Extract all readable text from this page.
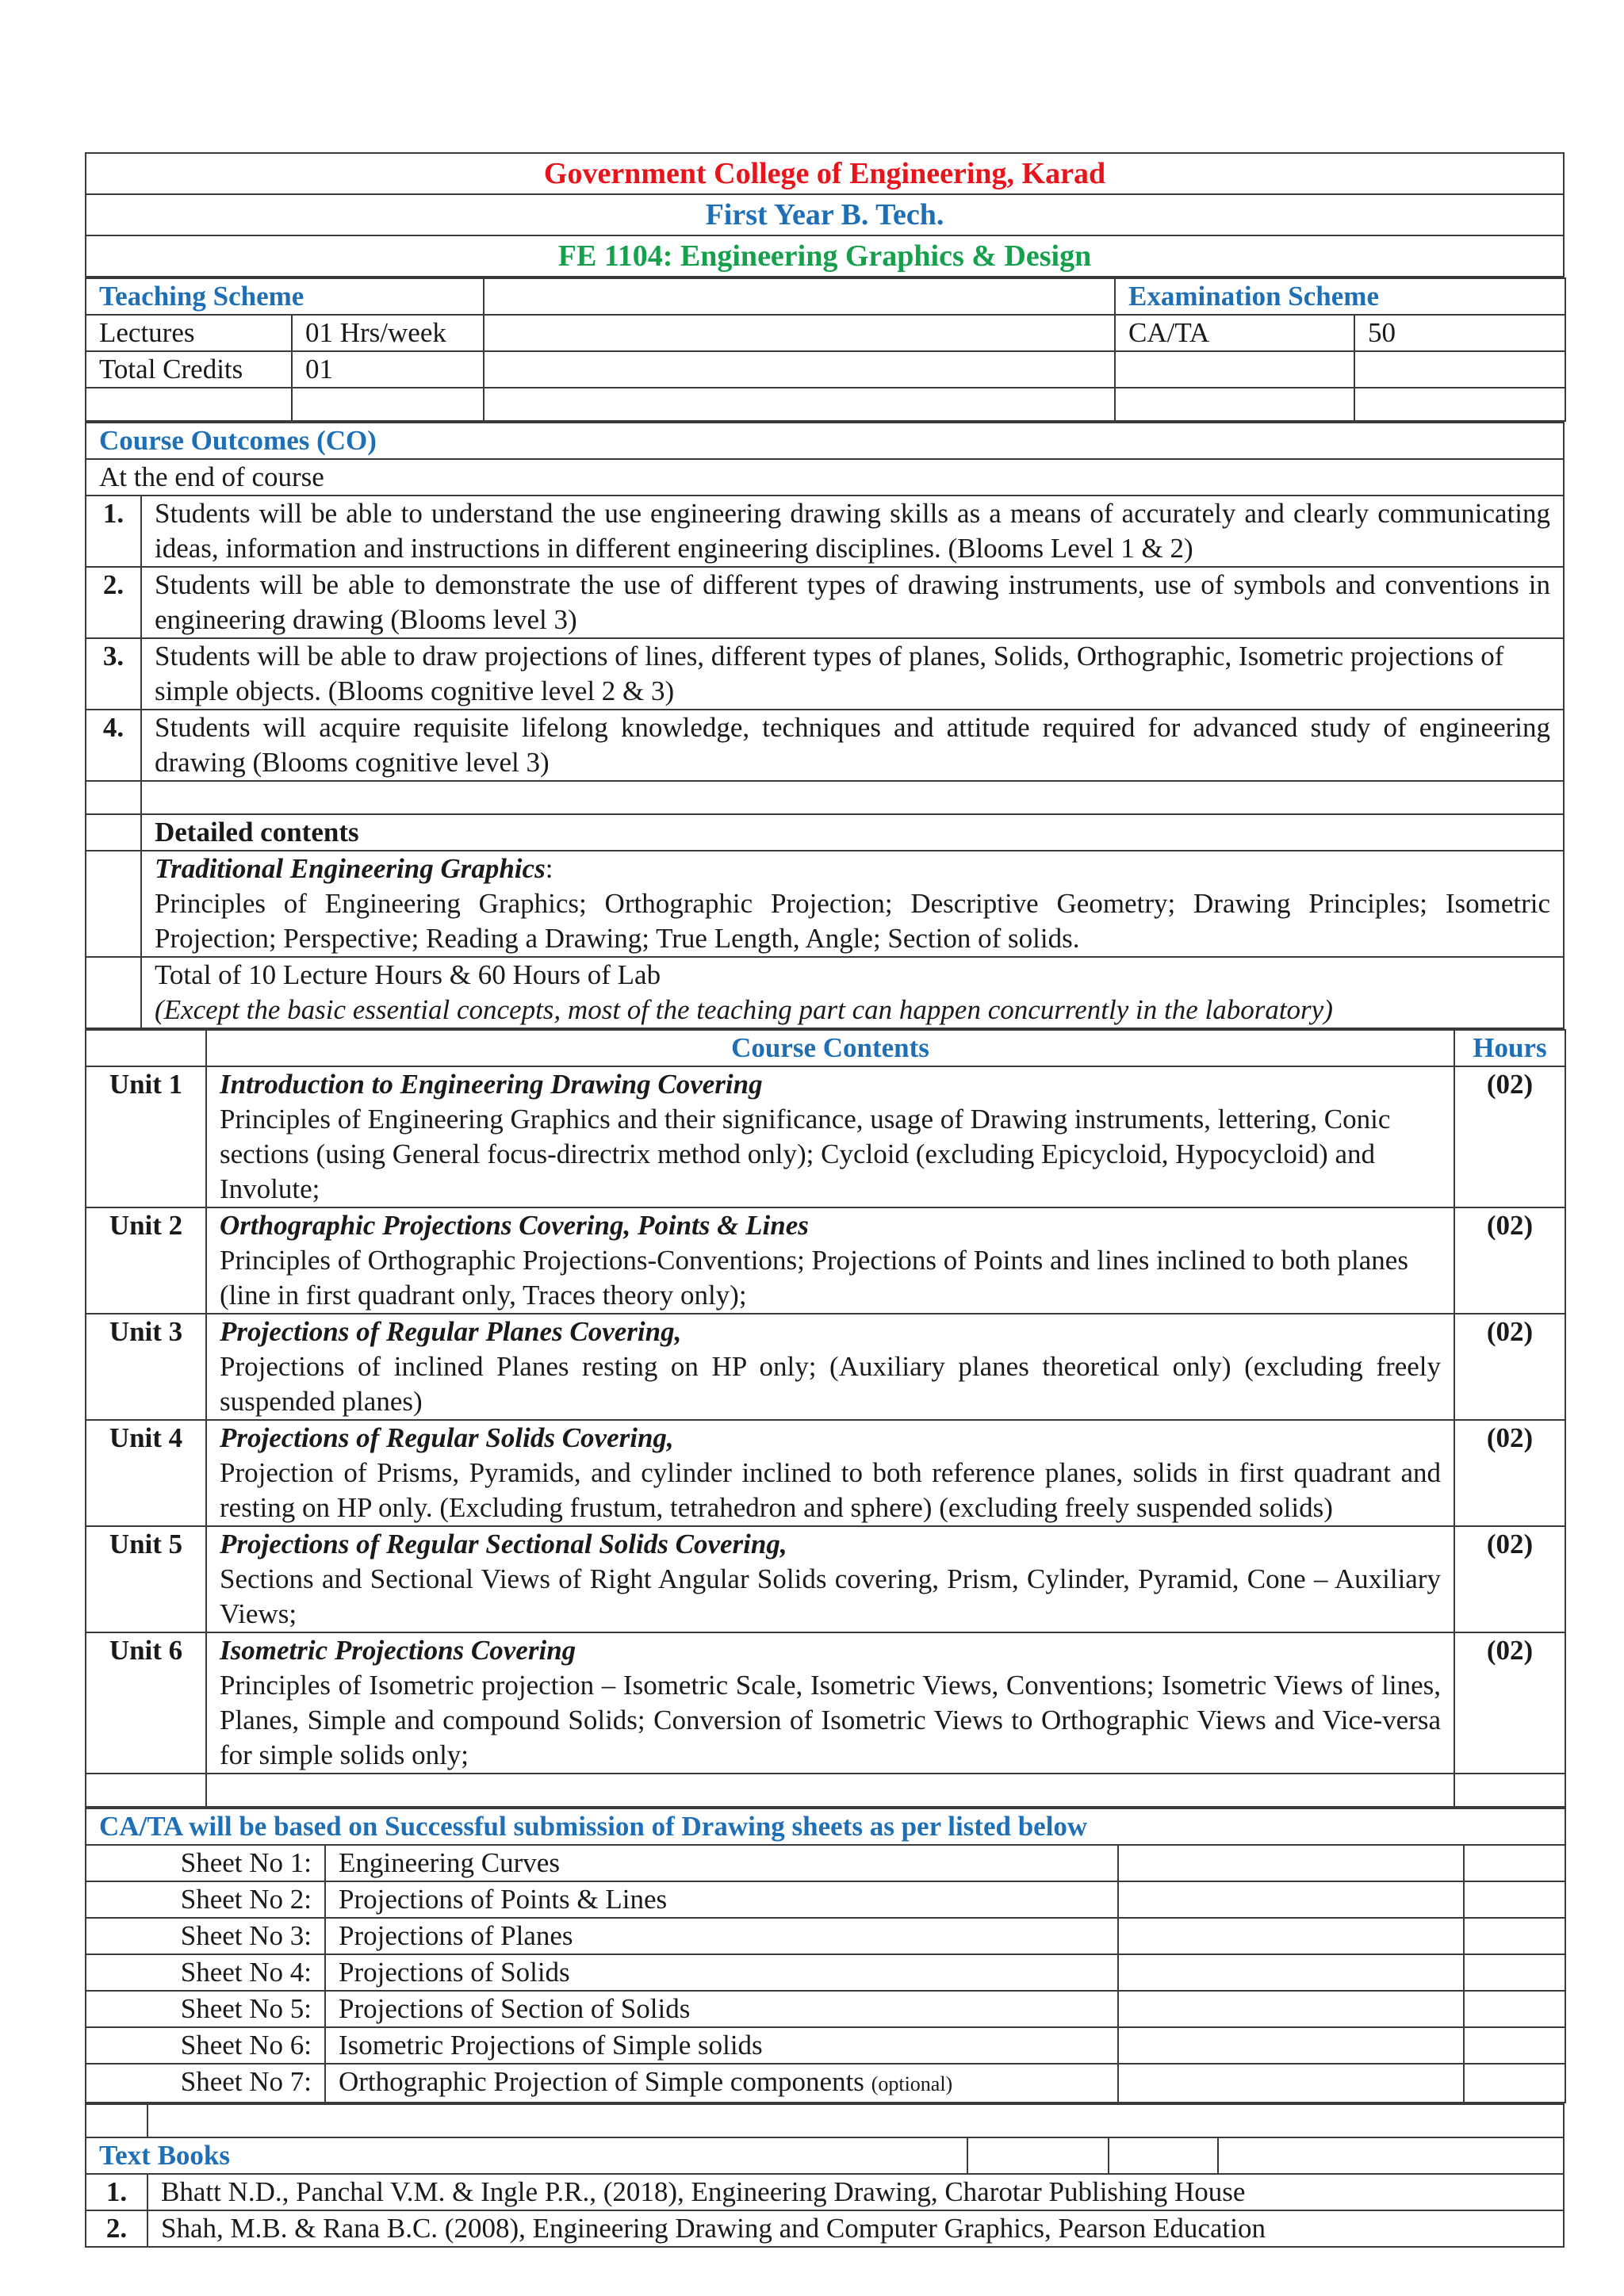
Government College of Engineering, Karad
First Year B. Tech.
FE 1104: Engineering Graphics & Design
Teaching Scheme			Examination Scheme	
Lectures	01 Hrs/week		CA/TA	50
Total Credits	01			

Course Outcomes (CO)	
At the end of course	
1.	Students will be able to understand the use engineering drawing skills as a means of accurately and clearly communicating ideas, information and instructions in different engineering disciplines. (Blooms Level 1 & 2)
2.	Students will be able to demonstrate the use of different types of drawing instruments, use of symbols and conventions in engineering drawing (Blooms level 3)
3.	Students will be able to draw projections of lines, different types of planes, Solids, Orthographic, Isometric projections of simple objects. (Blooms cognitive level 2 & 3)
4.	Students will acquire requisite lifelong knowledge, techniques and attitude required for advanced study of engineering drawing (Blooms cognitive level 3)

	Detailed contents
	Traditional Engineering Graphics:

Principles of Engineering Graphics; Orthographic Projection; Descriptive Geometry; Drawing Principles; Isometric Projection; Perspective; Reading a Drawing; True Length, Angle; Section of solids.

	Total of 10 Lecture Hours & 60 Hours of Lab
(Except the basic essential concepts, most of the teaching part can happen concurrently in the laboratory)
	Course Contents	Hours
Unit 1	Introduction to Engineering Drawing Covering
Principles of Engineering Graphics and their significance, usage of Drawing instruments, lettering, Conic sections (using General focus-directrix method only); Cycloid (excluding Epicycloid, Hypocycloid) and Involute;	(02)
Unit 2	Orthographic Projections Covering, Points & Lines
Principles of Orthographic Projections-Conventions; Projections of Points and lines inclined to both planes (line in first quadrant only, Traces theory only);	(02)
Unit 3	Projections of Regular Planes Covering,
Projections of inclined Planes resting on HP only; (Auxiliary planes theoretical only) (excluding freely suspended planes)	(02)
Unit 4	Projections of Regular Solids Covering,
Projection of Prisms, Pyramids, and cylinder inclined to both reference planes, solids in first quadrant and resting on HP only. (Excluding frustum, tetrahedron and sphere) (excluding freely suspended solids)	(02)
Unit 5	Projections of Regular Sectional Solids Covering,
Sections and Sectional Views of Right Angular Solids covering, Prism, Cylinder, Pyramid, Cone – Auxiliary Views;	(02)
Unit 6	Isometric Projections Covering
Principles of Isometric projection – Isometric Scale, Isometric Views, Conventions; Isometric Views of lines, Planes, Simple and compound Solids; Conversion of Isometric Views to Orthographic Views and Vice-versa for simple solids only;	(02)

CA/TA will be based on Successful submission of Drawing sheets as per listed below			
Sheet No 1:	Engineering Curves		
Sheet No 2:	Projections of Points & Lines		
Sheet No 3:	Projections of Planes		
Sheet No 4:	Projections of Solids		
Sheet No 5:	Projections of Section of Solids		
Sheet No 6:	Isometric Projections of Simple solids		
Sheet No 7:	Orthographic Projection of Simple components (optional)		

Text Books				
1.	Bhatt N.D., Panchal V.M. & Ingle P.R., (2018), Engineering Drawing, Charotar Publishing House			
2.	Shah, M.B. & Rana B.C. (2008), Engineering Drawing and Computer Graphics, Pearson Education			
